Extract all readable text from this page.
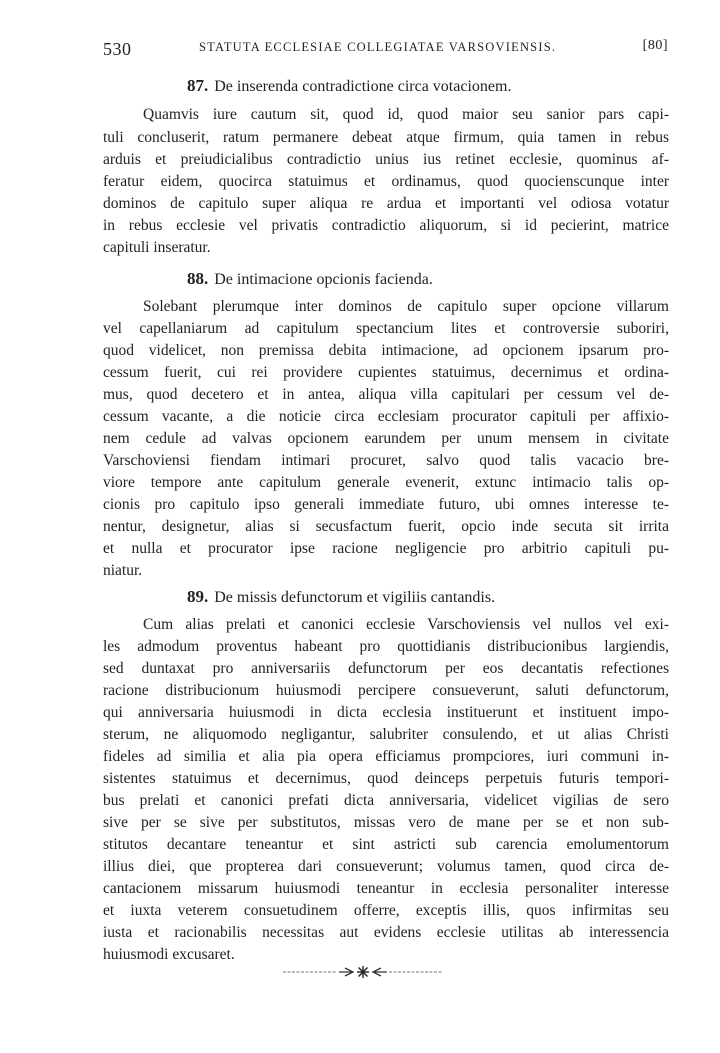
530	STATUTA ECCLESIAE COLLEGIATAE VARSOVIENSIS.	[80]
87. De inserenda contradictione circa votacionem.
Quamvis iure cautum sit, quod id, quod maior seu sanior pars capi-
tuli concluserit, ratum permanere debeat atque firmum, quia tamen in rebus
arduis et preiudicialibus contradictio unius ius retinet ecclesie, quominus af-
feratur eidem, quocirca statuimus et ordinamus, quod quocienscunque inter
dominos de capitulo super aliqua re ardua et importanti vel odiosa votatur
in rebus ecclesie vel privatis contradictio aliquorum, si id pecierint, matrice
capituli inseratur.
88. De intimacione opcionis facienda.
Solebant plerumque inter dominos de capitulo super opcione villarum
vel capellaniarum ad capitulum spectancium lites et controversie suboriri,
quod videlicet, non premissa debita intimacione, ad opcionem ipsarum pro-
cessum fuerit, cui rei providere cupientes statuimus, decernimus et ordina-
mus, quod decetero et in antea, aliqua villa capitulari per cessum vel de-
cessum vacante, a die noticie circa ecclesiam procurator capituli per affixio-
nem cedule ad valvas opcionem earundem per unum mensem in civitate
Varschoviensi fiendam intimari procuret, salvo quod talis vacacio bre-
viore tempore ante capitulum generale evenerit, extunc intimacio talis op-
cionis pro capitulo ipso generali immediate futuro, ubi omnes interesse te-
nentur, designetur, alias si secusfactum fuerit, opcio inde secuta sit irrita
et nulla et procurator ipse racione negligencie pro arbitrio capituli pu-
niatur.
89. De missis defunctorum et vigiliis cantandis.
Cum alias prelati et canonici ecclesie Varschoviensis vel nullos vel exi-
les admodum proventus habeant pro quottidianis distribucionibus largiendis,
sed duntaxat pro anniversariis defunctorum per eos decantatis refectiones
racione distribucionum huiusmodi percipere consueverunt, saluti defunctorum,
qui anniversaria huiusmodi in dicta ecclesia instituerunt et instituent impo-
sterum, ne aliquomodo negligantur, salubriter consulendo, et ut alias Christi
fideles ad similia et alia pia opera efficiamus prompciores, iuri communi in-
sistentes statuimus et decernimus, quod deinceps perpetuis futuris tempori-
bus prelati et canonici prefati dicta anniversaria, videlicet vigilias de sero
sive per se sive per substitutos, missas vero de mane per se et non sub-
stitutos decantare teneantur et sint astricti sub carencia emolumentorum
illius diei, que propterea dari consueverunt; volumus tamen, quod circa de-
cantacionem missarum huiusmodi teneantur in ecclesia personaliter interesse
et iuxta veterem consuetudinem offerre, exceptis illis, quos infirmitas seu
iusta et racionabilis necessitas aut evidens ecclesie utilitas ab interessencia
huiusmodi excusaret.
